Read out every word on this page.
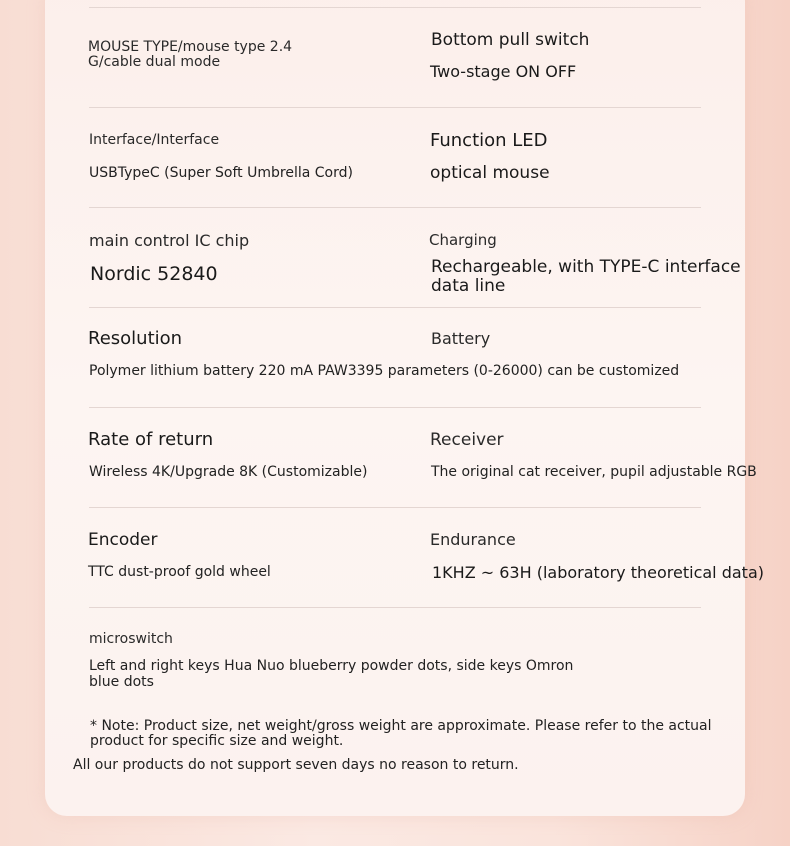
MOUSE TYPE/mouse type 2.4
G/cable dual mode
Bottom pull switch
Two-stage ON OFF
Interface/Interface
USBTypeC (Super Soft Umbrella Cord)
Function LED
optical mouse
main control IC chip
Nordic 52840
Charging
Rechargeable, with TYPE-C interface
data line
Resolution	Battery
Polymer lithium battery 220 mA PAW3395 parameters (0-26000) can be customized
Rate of return
Wireless 4K/Upgrade 8K (Customizable)
Receiver
The original cat receiver, pupil adjustable RGB
Encoder
TTC dust-proof gold wheel
Endurance
1KHZ ~ 63H (laboratory theoretical data)
microswitch
Left and right keys Hua Nuo blueberry powder dots, side keys Omron
blue dots
* Note: Product size, net weight/gross weight are approximate. Please refer to the actual
product for specific size and weight.
All our products do not support seven days no reason to return.
